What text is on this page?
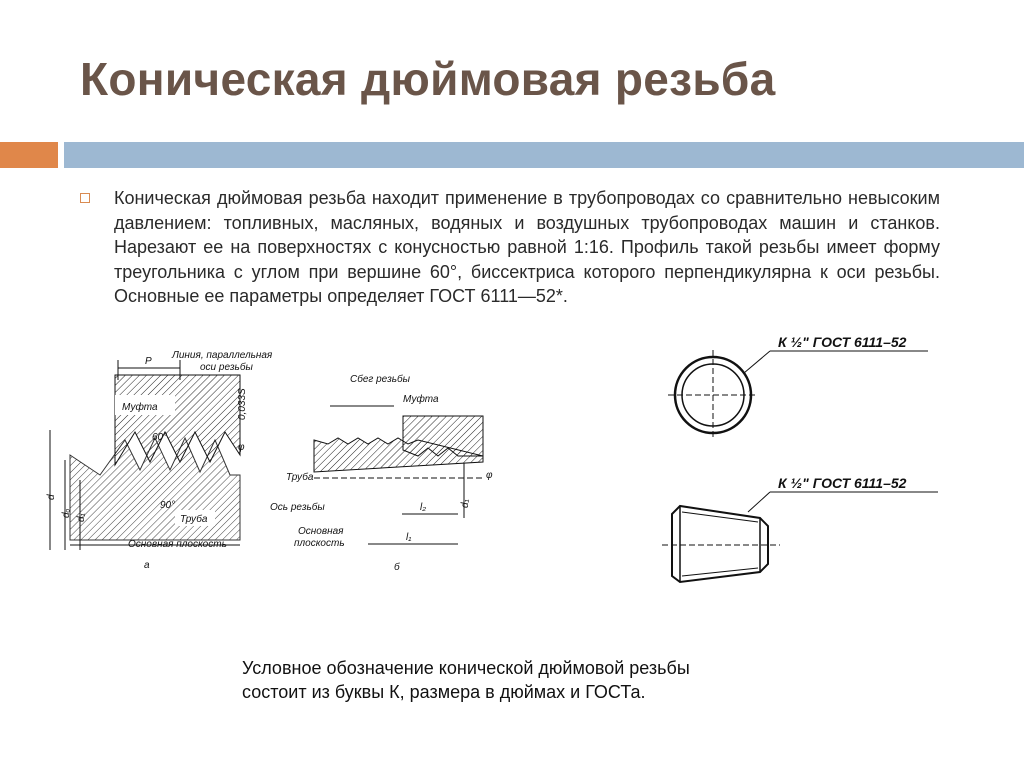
Коническая дюймовая резьба
Коническая дюймовая резьба находит применение в трубопроводах со сравнительно невысоким давлением: топливных, масляных, водяных и воздушных трубопроводах машин и станков. Нарезают ее на поверхностях с конусностью равной 1:16. Профиль такой резьбы имеет форму треугольника с углом при вершине 60°, биссектриса которого перпендикулярна к оси резьбы. Основные ее параметры определяет ГОСТ 6111—52*.
Муфта
Труба
P
Линия, параллельная
оси резьбы
60°
90°
0,033S
φ
d
dₒ d₁
Основная плоскость
а
Сбег резьбы
Муфта
Труба
Ось резьбы
Основная
плоскость
l₂
l₁
d₁
φ
б
К ½" ГОСТ 6111–52
К ½" ГОСТ 6111–52
Условное обозначение конической дюймовой резьбы
состоит из буквы К, размера в дюймах и ГОСТа.
